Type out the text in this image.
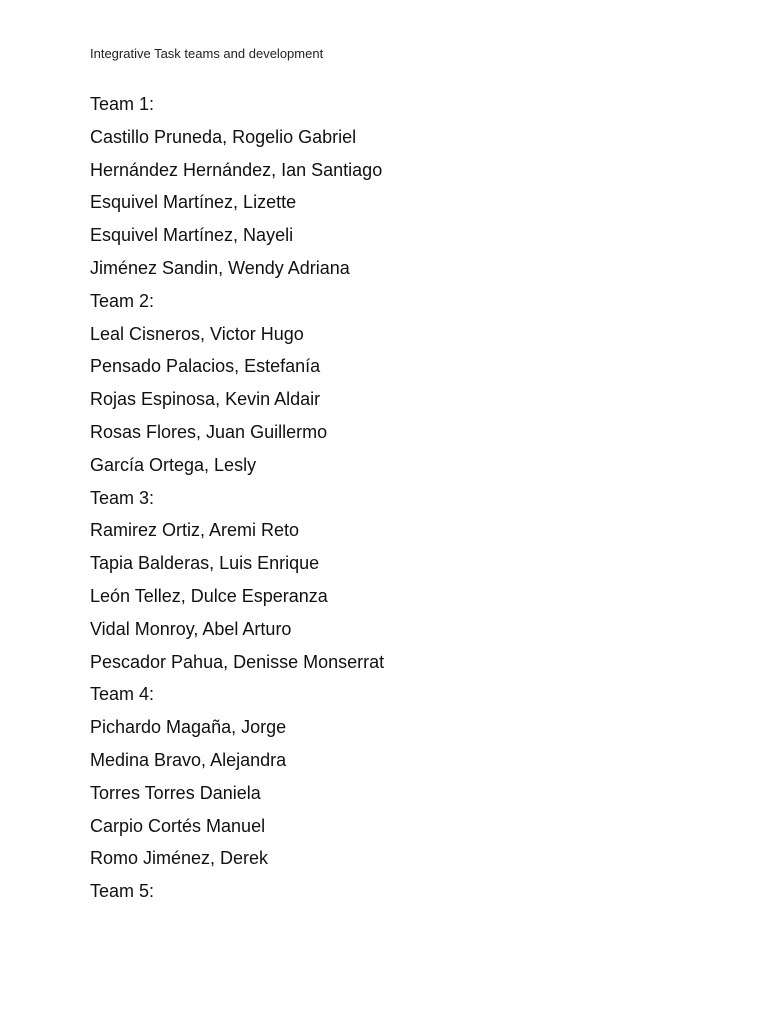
Integrative Task teams and development
Team 1:
Castillo Pruneda, Rogelio Gabriel
Hernández Hernández, Ian Santiago
Esquivel Martínez, Lizette
Esquivel Martínez, Nayeli
Jiménez Sandin, Wendy Adriana
Team 2:
Leal Cisneros, Victor Hugo
Pensado Palacios, Estefanía
Rojas Espinosa, Kevin Aldair
Rosas Flores, Juan Guillermo
García Ortega, Lesly
Team 3:
Ramirez Ortiz, Aremi Reto
Tapia Balderas, Luis Enrique
León Tellez, Dulce Esperanza
Vidal Monroy, Abel Arturo
Pescador Pahua, Denisse Monserrat
Team 4:
Pichardo Magaña, Jorge
Medina Bravo, Alejandra
Torres Torres Daniela
Carpio Cortés Manuel
Romo Jiménez, Derek
Team 5:
